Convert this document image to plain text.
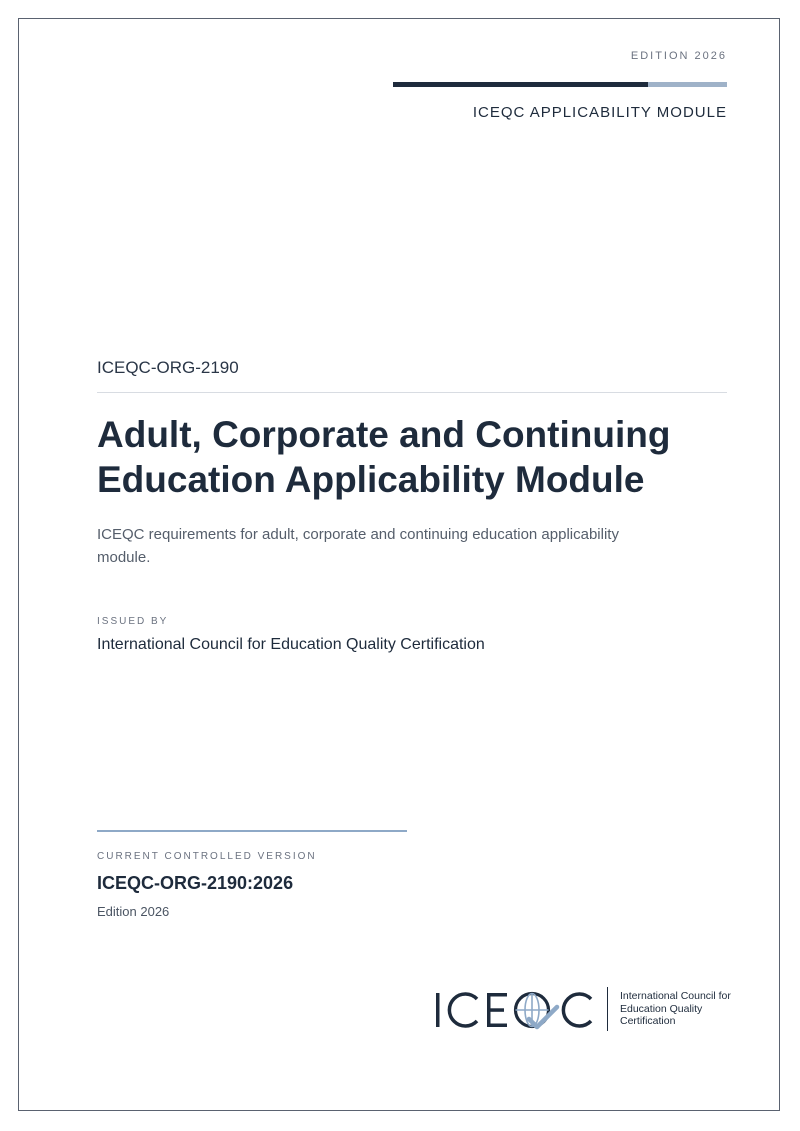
EDITION 2026
ICEQC APPLICABILITY MODULE
ICEQC-ORG-2190
Adult, Corporate and Continuing Education Applicability Module
ICEQC requirements for adult, corporate and continuing education applicability module.
ISSUED BY
International Council for Education Quality Certification
CURRENT CONTROLLED VERSION
ICEQC-ORG-2190:2026
Edition 2026
International Council for Education Quality Certification
